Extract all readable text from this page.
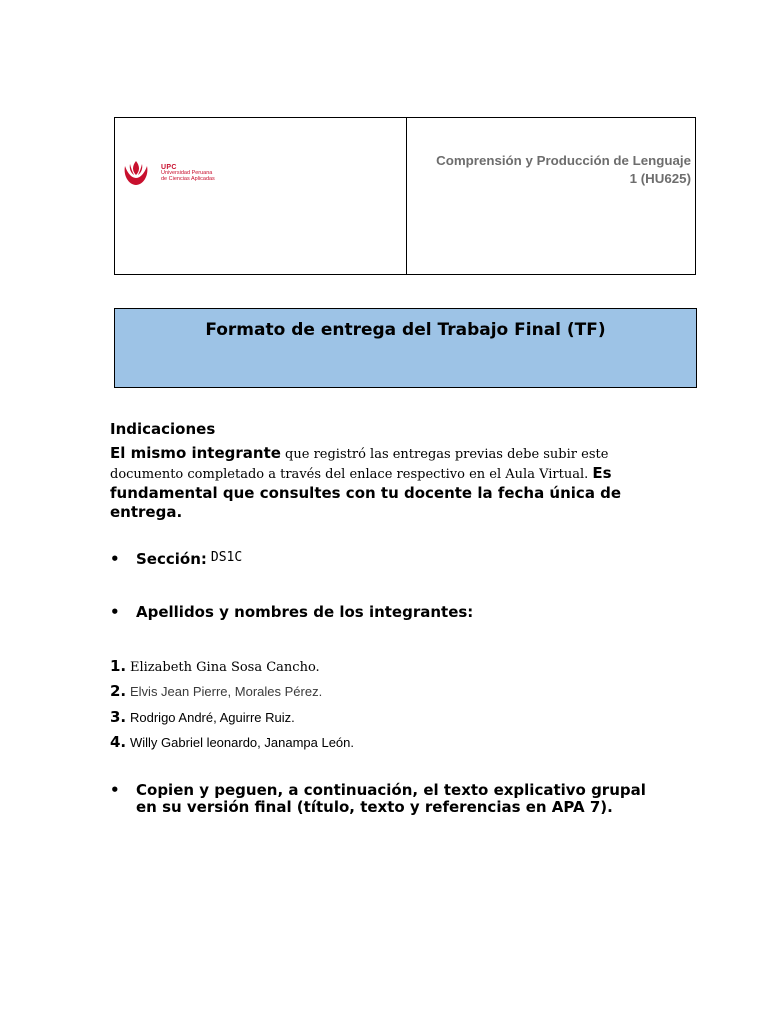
UPC
Universidad Peruana
de Ciencias Aplicadas
Comprensión y Producción de Lenguaje
1 (HU625)
Formato de entrega del Trabajo Final (TF)

Indicaciones

El mismo integrante que registró las entregas previas debe subir este documento completado a través del enlace respectivo en el Aula Virtual. Es fundamental que consultes con tu docente la fecha única de entrega.

•	Sección: DS1C
•	Apellidos y nombres de los integrantes:
1. Elizabeth Gina Sosa Cancho.
2. Elvis Jean Pierre, Morales Pérez.
3. Rodrigo André, Aguirre Ruiz.
4. Willy Gabriel leonardo, Janampa León.
•	Copien y peguen, a continuación, el texto explicativo grupal en su versión final (título, texto y referencias en APA 7).
